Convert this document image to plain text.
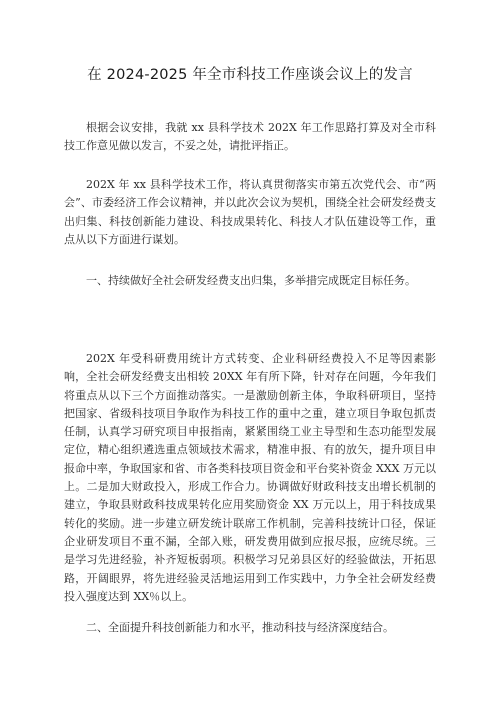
在 2024-2025 年全市科技工作座谈会议上的发言

根据会议安排，我就 xx 县科学技术 202X 年工作思路打算及对全市科技工作意见做以发言，不妥之处，请批评指正。

202X 年 xx 县科学技术工作，将认真贯彻落实市第五次党代会、市“两会”、市委经济工作会议精神，并以此次会议为契机，围绕全社会研发经费支出归集、科技创新能力建设、科技成果转化、科技人才队伍建设等工作，重点从以下方面进行谋划。

一、持续做好全社会研发经费支出归集，多举措完成既定目标任务。

202X 年受科研费用统计方式转变、企业科研经费投入不足等因素影响，全社会研发经费支出相较 20XX 年有所下降，针对存在问题，今年我们将重点从以下三个方面推动落实。一是激励创新主体，争取科研项目，坚持把国家、省级科技项目争取作为科技工作的重中之重，建立项目争取包抓责任制，认真学习研究项目申报指南，紧紧围绕工业主导型和生态功能型发展定位，精心组织遴选重点领域技术需求，精准申报、有的放矢，提升项目申报命中率，争取国家和省、市各类科技项目资金和平台奖补资金 XXX 万元以上。二是加大财政投入，形成工作合力。协调做好财政科技支出增长机制的建立，争取县财政科技成果转化应用奖励资金 XX 万元以上，用于科技成果转化的奖励。进一步建立研发统计联席工作机制，完善科技统计口径，保证企业研发项目不重不漏，全部入账，研发费用做到应报尽报，应统尽统。三是学习先进经验，补齐短板弱项。积极学习兄弟县区好的经验做法，开拓思路，开阔眼界，将先进经验灵活地运用到工作实践中，力争全社会研发经费投入强度达到 XX％以上。

二、全面提升科技创新能力和水平，推动科技与经济深度结合。
